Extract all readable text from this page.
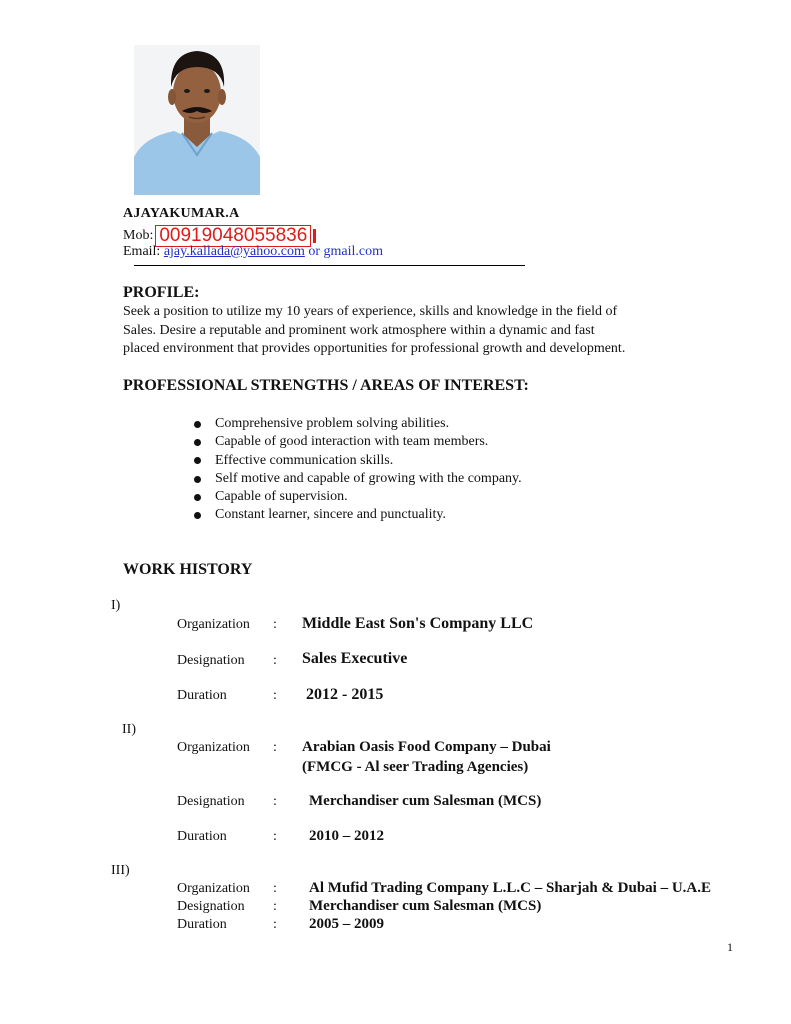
AJAYAKUMAR.A
Mob: 00919048055836
Email: ajay.kallada@yahoo.com or gmail.com
PROFILE:
Seek a position to utilize my 10 years of experience, skills and knowledge in the field of
Sales. Desire a reputable and prominent work atmosphere within a dynamic and fast
placed environment that provides opportunities for professional growth and development.
PROFESSIONAL STRENGTHS / AREAS OF INTEREST:
Comprehensive problem solving abilities.
Capable of good interaction with team members.
Effective communication skills.
Self motive and capable of growing with the company.
Capable of supervision.
Constant learner, sincere and punctuality.
WORK HISTORY
I)
Organization : Middle East Son's Company LLC
Designation : Sales Executive
Duration	: 2012 - 2015
II)
Organization : Arabian Oasis Food Company – Dubai
(FMCG - Al seer Trading Agencies)
Designation : Merchandiser cum Salesman (MCS)
Duration	: 2010 – 2012
III)
Organization : Al Mufid Trading Company L.L.C – Sharjah & Dubai – U.A.E
Designation : Merchandiser cum Salesman (MCS)
Duration	: 2005 – 2009
1
